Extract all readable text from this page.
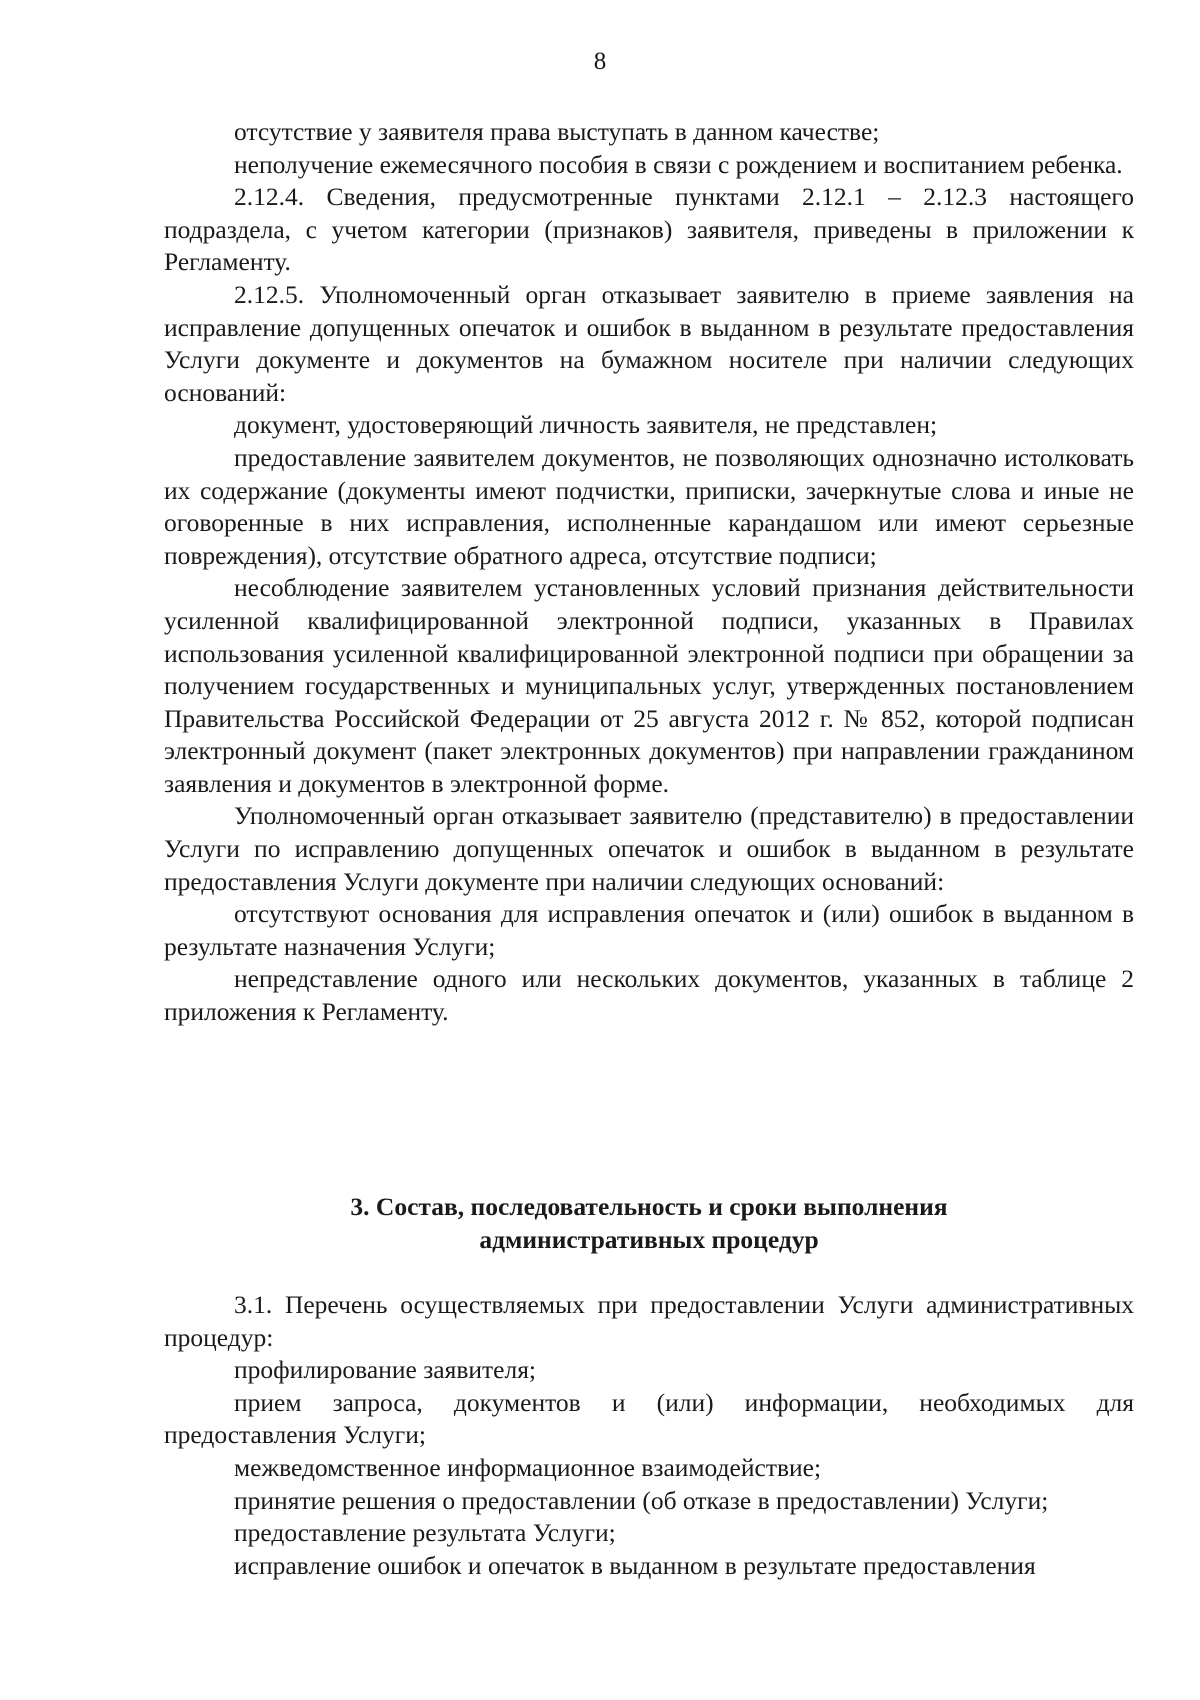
8

отсутствие у заявителя права выступать в данном качестве;

неполучение ежемесячного пособия в связи с рождением и воспитанием ребенка.

2.12.4. Сведения, предусмотренные пунктами 2.12.1 – 2.12.3 настоящего подраздела, с учетом категории (признаков) заявителя, приведены в приложении к Регламенту.

2.12.5. Уполномоченный орган отказывает заявителю в приеме заявления на исправление допущенных опечаток и ошибок в выданном в результате предоставления Услуги документе и документов на бумажном носителе при наличии следующих оснований:

документ, удостоверяющий личность заявителя, не представлен;

предоставление заявителем документов, не позволяющих однозначно истолковать их содержание (документы имеют подчистки, приписки, зачеркнутые слова и иные не оговоренные в них исправления, исполненные карандашом или имеют серьезные повреждения), отсутствие обратного адреса, отсутствие подписи;

несоблюдение заявителем установленных условий признания действительности усиленной квалифицированной электронной подписи, указанных в Правилах использования усиленной квалифицированной электронной подписи при обращении за получением государственных и муниципальных услуг, утвержденных постановлением Правительства Российской Федерации от 25 августа 2012 г. № 852, которой подписан электронный документ (пакет электронных документов) при направлении гражданином заявления и документов в электронной форме.

Уполномоченный орган отказывает заявителю (представителю) в предоставлении Услуги по исправлению допущенных опечаток и ошибок в выданном в результате предоставления Услуги документе при наличии следующих оснований:

отсутствуют основания для исправления опечаток и (или) ошибок в выданном в результате назначения Услуги;

непредставление одного или нескольких документов, указанных в таблице 2 приложения к Регламенту.

3. Состав, последовательность и сроки выполнения
административных процедур

3.1. Перечень осуществляемых при предоставлении Услуги административных процедур:

профилирование заявителя;

прием запроса, документов и (или) информации, необходимых для предоставления Услуги;

межведомственное информационное взаимодействие;

принятие решения о предоставлении (об отказе в предоставлении) Услуги;

предоставление результата Услуги;

исправление ошибок и опечаток в выданном в результате предоставления
